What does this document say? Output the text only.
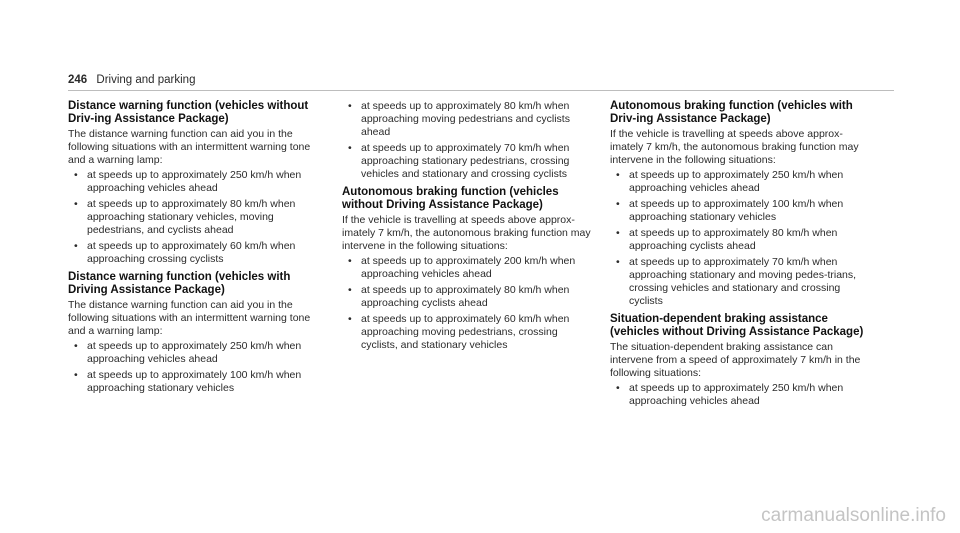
246 Driving and parking
Distance warning function (vehicles without Driv-ing Assistance Package)

The distance warning function can aid you in the following situations with an intermittent warning tone and a warning lamp:

• at speeds up to approximately 250 km/h when approaching vehicles ahead
• at speeds up to approximately 80 km/h when approaching stationary vehicles, moving pedestrians, and cyclists ahead
• at speeds up to approximately 60 km/h when approaching crossing cyclists
Distance warning function (vehicles with Driving Assistance Package)

The distance warning function can aid you in the following situations with an intermittent warning tone and a warning lamp:

• at speeds up to approximately 250 km/h when approaching vehicles ahead
• at speeds up to approximately 100 km/h when approaching stationary vehicles
• at speeds up to approximately 80 km/h when approaching moving pedestrians and cyclists ahead
• at speeds up to approximately 70 km/h when approaching stationary pedestrians, crossing vehicles and stationary and crossing cyclists
Autonomous braking function (vehicles without Driving Assistance Package)

If the vehicle is travelling at speeds above approx-imately 7 km/h, the autonomous braking function may intervene in the following situations:

• at speeds up to approximately 200 km/h when approaching vehicles ahead
• at speeds up to approximately 80 km/h when approaching cyclists ahead
• at speeds up to approximately 60 km/h when approaching moving pedestrians, crossing cyclists, and stationary vehicles
Autonomous braking function (vehicles with Driv-ing Assistance Package)

If the vehicle is travelling at speeds above approx-imately 7 km/h, the autonomous braking function may intervene in the following situations:

• at speeds up to approximately 250 km/h when approaching vehicles ahead
• at speeds up to approximately 100 km/h when approaching stationary vehicles
• at speeds up to approximately 80 km/h when approaching cyclists ahead
• at speeds up to approximately 70 km/h when approaching stationary and moving pedes-trians, crossing vehicles and stationary and crossing cyclists
Situation-dependent braking assistance (vehicles without Driving Assistance Package)

The situation-dependent braking assistance can intervene from a speed of approximately 7 km/h in the following situations:

• at speeds up to approximately 250 km/h when approaching vehicles ahead
carmanualsonline.info
